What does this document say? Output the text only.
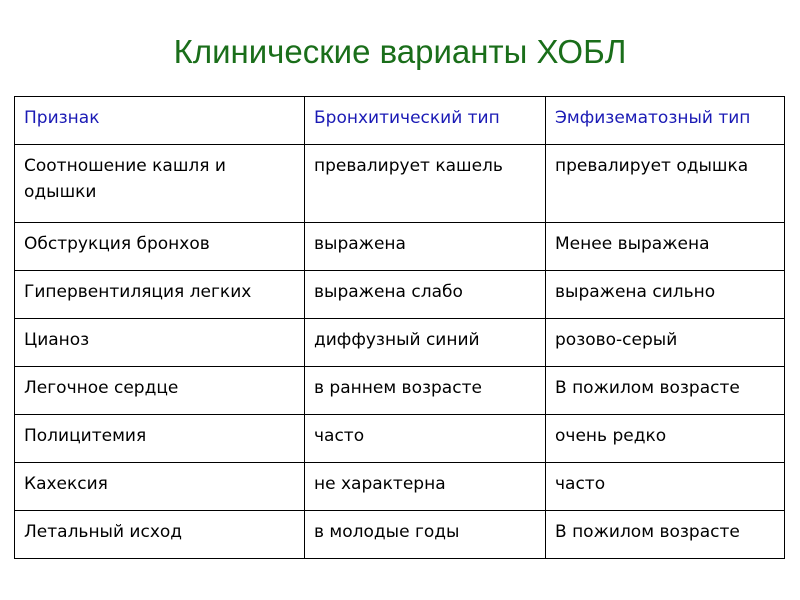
Клинические варианты ХОБЛ
Признак	Бронхитический тип	Эмфизематозный тип
Соотношение кашля и одышки	превалирует кашель	превалирует одышка
Обструкция бронхов	выражена	Менее выражена
Гипервентиляция легких	выражена слабо	выражена сильно
Цианоз	диффузный синий	розово-серый
Легочное сердце	в раннем возрасте	В пожилом возрасте
Полицитемия	часто	очень редко
Кахексия	не характерна	часто
Летальный исход	в молодые годы	В пожилом возрасте
